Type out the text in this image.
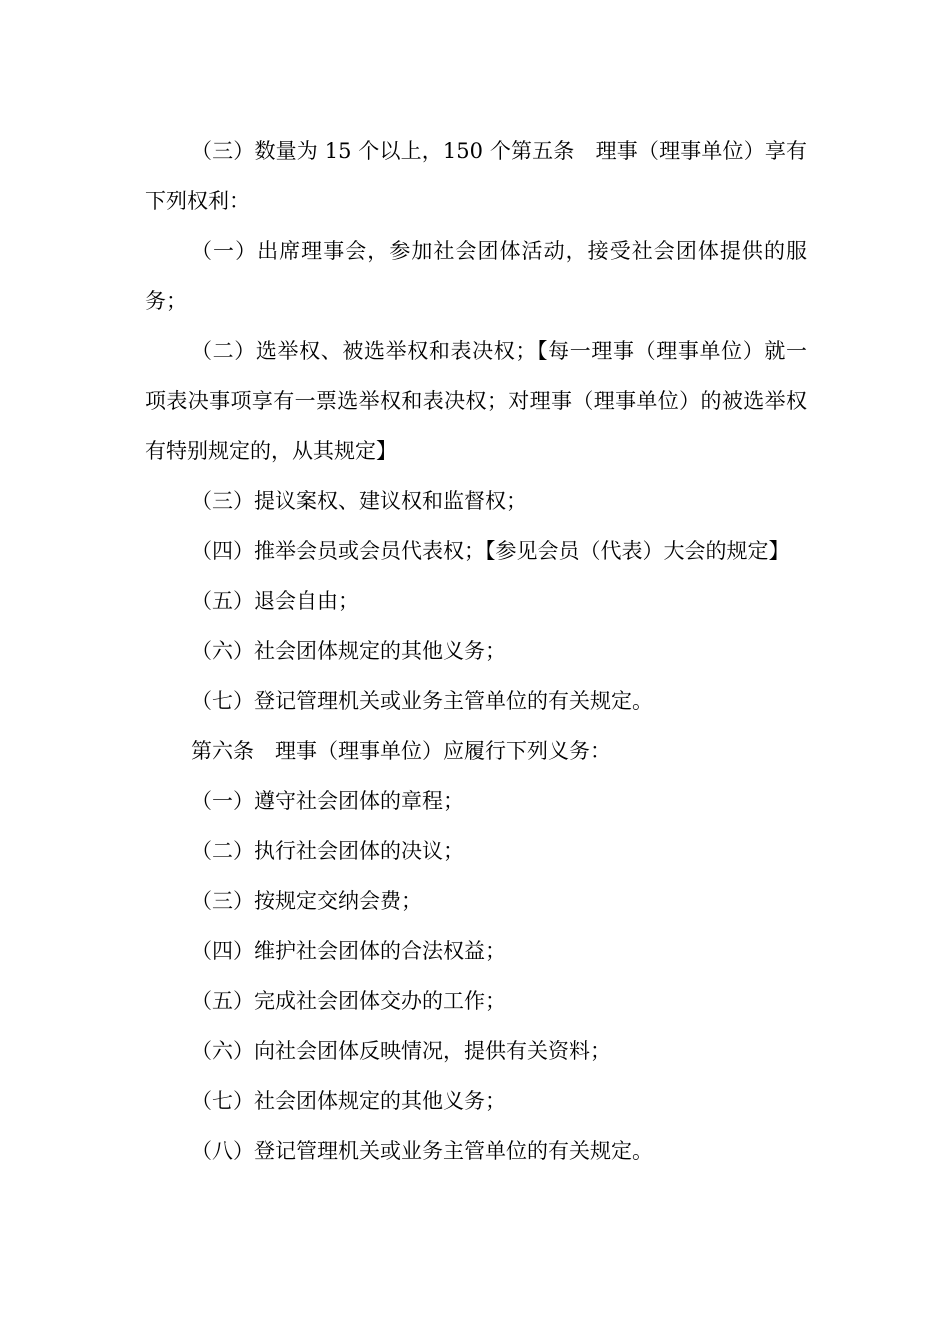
（三）数量为 15 个以上，150 个第五条　理事（理事单位）享有下列权利：

（一）出席理事会，参加社会团体活动，接受社会团体提供的服务；

（二）选举权、被选举权和表决权；【每一理事（理事单位）就一项表决事项享有一票选举权和表决权；对理事（理事单位）的被选举权有特别规定的，从其规定】

（三）提议案权、建议权和监督权；

（四）推举会员或会员代表权；【参见会员（代表）大会的规定】

（五）退会自由；

（六）社会团体规定的其他义务；

（七）登记管理机关或业务主管单位的有关规定。

第六条　理事（理事单位）应履行下列义务：

（一）遵守社会团体的章程；

（二）执行社会团体的决议；

（三）按规定交纳会费；

（四）维护社会团体的合法权益；

（五）完成社会团体交办的工作；

（六）向社会团体反映情况，提供有关资料；

（七）社会团体规定的其他义务；

（八）登记管理机关或业务主管单位的有关规定。
